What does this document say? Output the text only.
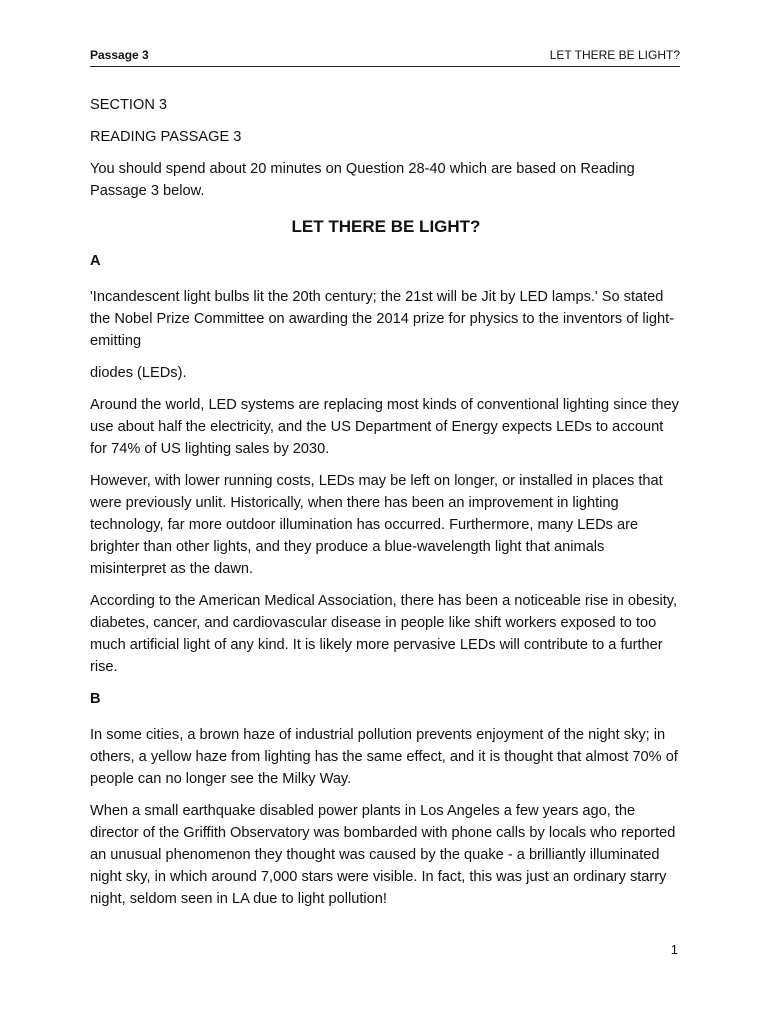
Passage 3	LET THERE BE LIGHT?

SECTION 3

READING PASSAGE 3

You should spend about 20 minutes on Question 28-40 which are based on Reading Passage 3 below.

LET THERE BE LIGHT?

A

'Incandescent light bulbs lit the 20th century; the 21st will be Jit by LED lamps.' So stated the Nobel Prize Committee on awarding the 2014 prize for physics to the inventors of light-emitting

diodes (LEDs).

Around the world, LED systems are replacing most kinds of conventional lighting since they use about half the electricity, and the US Department of Energy expects LEDs to account for 74% of US lighting sales by 2030.

However, with lower running costs, LEDs may be left on longer, or installed in places that were previously unlit. Historically, when there has been an improvement in lighting technology, far more outdoor illumination has occurred. Furthermore, many LEDs are brighter than other lights, and they produce a blue-wavelength light that animals misinterpret as the dawn.

According to the American Medical Association, there has been a noticeable rise in obesity, diabetes, cancer, and cardiovascular disease in people like shift workers exposed to too much artificial light of any kind. It is likely more pervasive LEDs will contribute to a further rise.

B

In some cities, a brown haze of industrial pollution prevents enjoyment of the night sky; in others, a yellow haze from lighting has the same effect, and it is thought that almost 70% of people can no longer see the Milky Way.

When a small earthquake disabled power plants in Los Angeles a few years ago, the director of the Griffith Observatory was bombarded with phone calls by locals who reported an unusual phenomenon they thought was caused by the quake - a brilliantly illuminated night sky, in which around 7,000 stars were visible. In fact, this was just an ordinary starry night, seldom seen in LA due to light pollution!

1
